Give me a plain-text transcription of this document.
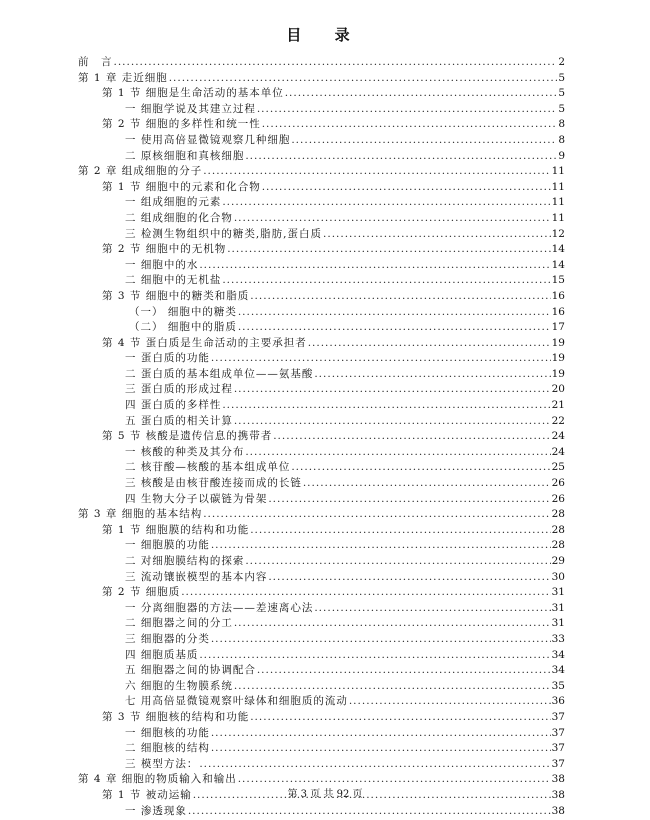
目 录
前　言 .....	2
第 1 章 走近细胞 .....	5
第 1 节 细胞是生命活动的基本单位 .....	5
一 细胞学说及其建立过程 .....	5
第 2 节 细胞的多样性和统一性 .....	8
一 使用高倍显微镜观察几种细胞 .....	8
二 原核细胞和真核细胞 .....	9
第 2 章 组成细胞的分子 .....	11
第 1 节 细胞中的元素和化合物 .....	11
一 组成细胞的元素 .....	11
二 组成细胞的化合物 .....	11
三 检测生物组织中的糖类,脂肪,蛋白质 .....	12
第 2 节 细胞中的无机物 .....	14
一 细胞中的水 .....	14
二 细胞中的无机盐 .....	15
第 3 节 细胞中的糖类和脂质 .....	16
（一） 细胞中的糖类 .....	16
（二） 细胞中的脂质 .....	17
第 4 节 蛋白质是生命活动的主要承担者 .....	19
一 蛋白质的功能 .....	19
二 蛋白质的基本组成单位——氨基酸 .....	19
三 蛋白质的形成过程 .....	20
四 蛋白质的多样性 .....	21
五 蛋白质的相关计算 .....	22
第 5 节 核酸是遗传信息的携带者 .....	24
一 核酸的种类及其分布 .....	24
二 核苷酸—核酸的基本组成单位 .....	25
三 核酸是由核苷酸连接而成的长链 .....	26
四 生物大分子以碳链为骨架 .....	26
第 3 章 细胞的基本结构 .....	28
第 1 节 细胞膜的结构和功能 .....	28
一 细胞膜的功能 .....	28
二 对细胞膜结构的探索 .....	29
三 流动镶嵌模型的基本内容 .....	30
第 2 节 细胞质 .....	31
一 分离细胞器的方法——差速离心法 .....	31
二 细胞器之间的分工 .....	31
三 细胞器的分类 .....	33
四 细胞质基质 .....	34
五 细胞器之间的协调配合 .....	34
六 细胞的生物膜系统 .....	35
七 用高倍显微镜观察叶绿体和细胞质的流动 .....	36
第 3 节 细胞核的结构和功能 .....	37
一 细胞核的功能 .....	37
二 细胞核的结构 .....	37
三 模型方法： .....	37
第 4 章 细胞的物质输入和输出 .....	38
第 1 节 被动运输 .....	38
一 渗透现象 .....	38
第 3 页 共 92 页
